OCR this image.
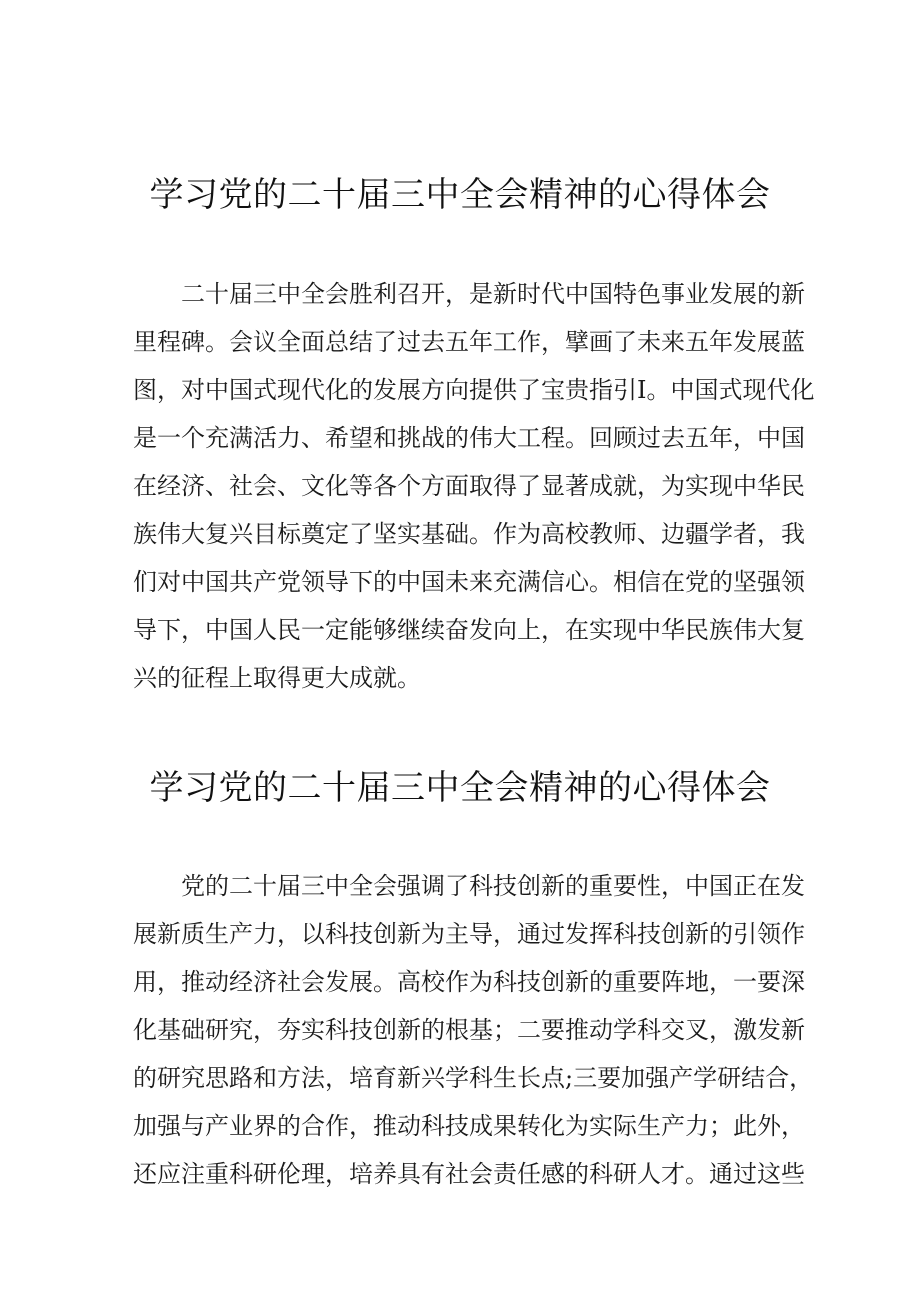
学习党的二十届三中全会精神的心得体会
二十届三中全会胜利召开，是新时代中国特色事业发展的新
里程碑。会议全面总结了过去五年工作，擘画了未来五年发展蓝
图，对中国式现代化的发展方向提供了宝贵指引I。中国式现代化
是一个充满活力、希望和挑战的伟大工程。回顾过去五年，中国
在经济、社会、文化等各个方面取得了显著成就，为实现中华民
族伟大复兴目标奠定了坚实基础。作为高校教师、边疆学者，我
们对中国共产党领导下的中国未来充满信心。相信在党的坚强领
导下，中国人民一定能够继续奋发向上，在实现中华民族伟大复
兴的征程上取得更大成就。
学习党的二十届三中全会精神的心得体会
党的二十届三中全会强调了科技创新的重要性，中国正在发
展新质生产力，以科技创新为主导，通过发挥科技创新的引领作
用，推动经济社会发展。高校作为科技创新的重要阵地，一要深
化基础研究，夯实科技创新的根基；二要推动学科交叉，激发新
的研究思路和方法，培育新兴学科生长点;三要加强产学研结合，
加强与产业界的合作，推动科技成果转化为实际生产力；此外，
还应注重科研伦理，培养具有社会责任感的科研人才。通过这些
